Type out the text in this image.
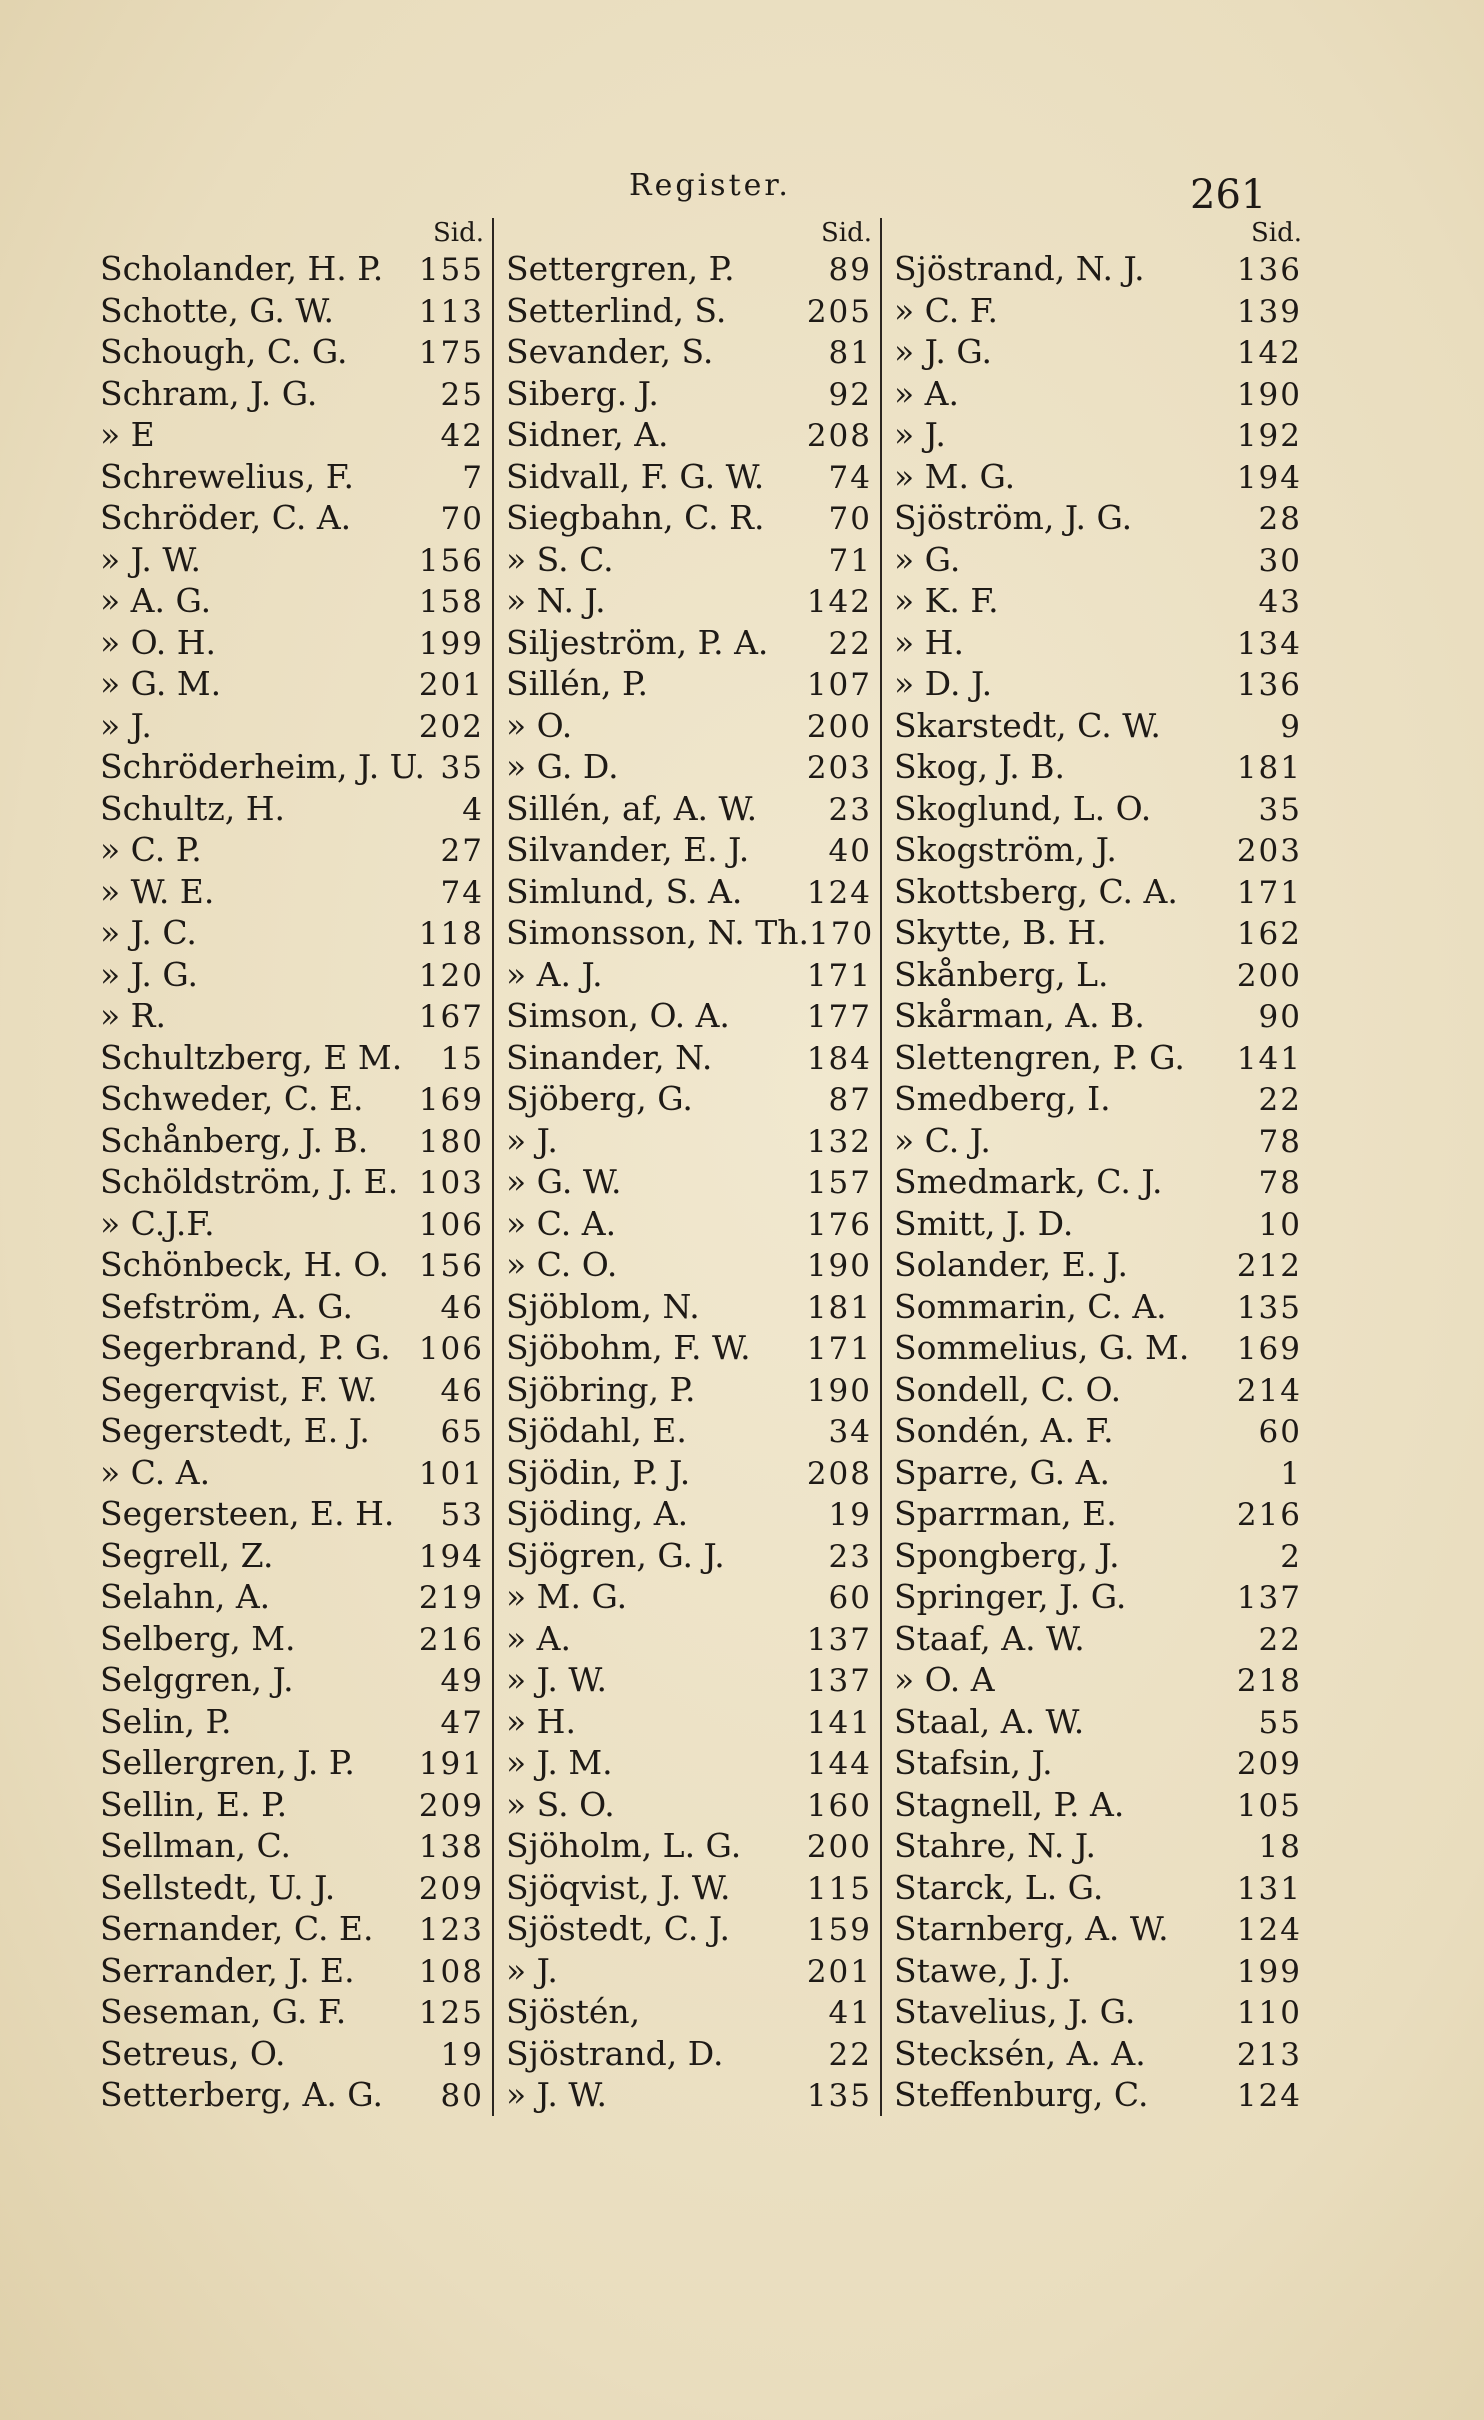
Register.	261
Sid.
Scholander, H. P. 155
Schotte, G. W.	113
Schough, C. G. 175
Schram, J. G.	25
» E	42
Schrewelius, F.	7
Schröder, C. A.	70
» J. W.	156
» A. G.	158
» O. H.	199
» G. M.	201
» J.	202
Schröderheim, J. U. 35
Schultz, H.	4
» C. P.	27
» W. E.	74
» J. C.	118
» J. G.	120
» R.	167
Schultzberg, E M. 15
Schweder, C. E. 169
Schånberg, J. B. 180
Schöldström, J. E. 103
» C.J.F.	106
Schönbeck, H. O. 156
Sefström, A. G.	46
Segerbrand, P. G. 106
Segerqvist, F. W. 46
Segerstedt, E. J. 65
» C. A.	101
Segersteen, E. H. 53
Segrell, Z.	194
Selahn, A.	219
Selberg, M.	216
Selggren, J.	49
Selin, P.	47
Sellergren, J. P. 191
Sellin, E. P.	209
Sellman, C.	138
Sellstedt, U. J.	209
Sernander, C. E. 123
Serrander, J. E. 108
Seseman, G. F. 125
Setreus, O.	19
Setterberg, A. G. 80
Sid.
Settergren, P.	89
Setterlind, S.	205
Sevander, S.	81
Siberg. J.	92
Sidner, A.	208
Sidvall, F. G. W. 74
Siegbahn, C. R. 70
» S. C.	71
» N. J.	142
Siljeström, P. A. 22
Sillén, P.	107
» O.	200
» G. D.	203
Sillén, af, A. W. 23
Silvander, E. J.	40
Simlund, S. A. 124
Simonsson, N. Th. 170
» A. J.	171
Simson, O. A. 177
Sinander, N.	184
Sjöberg, G.	87
» J.	132
» G. W.	157
» C. A.	176
» C. O.	190
Sjöblom, N.	181
Sjöbohm, F. W. 171
Sjöbring, P.	190
Sjödahl, E.	34
Sjödin, P. J.	208
Sjöding, A.	19
Sjögren, G. J.	23
» M. G.	60
» A.	137
» J. W.	137
» H.	141
» J. M.	144
» S. O.	160
Sjöholm, L. G. 200
Sjöqvist, J. W. 115
Sjöstedt, C. J. 159
» J.	201
Sjöstén,	41
Sjöstrand, D.	22
» J. W.	135
Sid.
Sjöstrand, N. J.	136
» C. F.	139
» J. G.	142
» A.	190
» J.	192
» M. G.	194
Sjöström, J. G.	28
» G.	30
» K. F.	43
» H.	134
» D. J.	136
Skarstedt, C. W.	9
Skog, J. B.	181
Skoglund, L. O.	35
Skogström, J.	203
Skottsberg, C. A. 171
Skytte, B. H.	162
Skånberg, L.	200
Skårman, A. B.	90
Slettengren, P. G. 141
Smedberg, I.	22
» C. J.	78
Smedmark, C. J.	78
Smitt, J. D.	10
Solander, E. J.	212
Sommarin, C. A. 135
Sommelius, G. M. 169
Sondell, C. O.	214
Sondén, A. F.	60
Sparre, G. A.	1
Sparrman, E.	216
Spongberg, J.	2
Springer, J. G.	137
Staaf, A. W.	22
» O. A	218
Staal, A. W.	55
Stafsin, J.	209
Stagnell, P. A.	105
Stahre, N. J.	18
Starck, L. G.	131
Starnberg, A. W. 124
Stawe, J. J.	199
Stavelius, J. G.	110
Stecksén, A. A.	213
Steffenburg, C.	124
